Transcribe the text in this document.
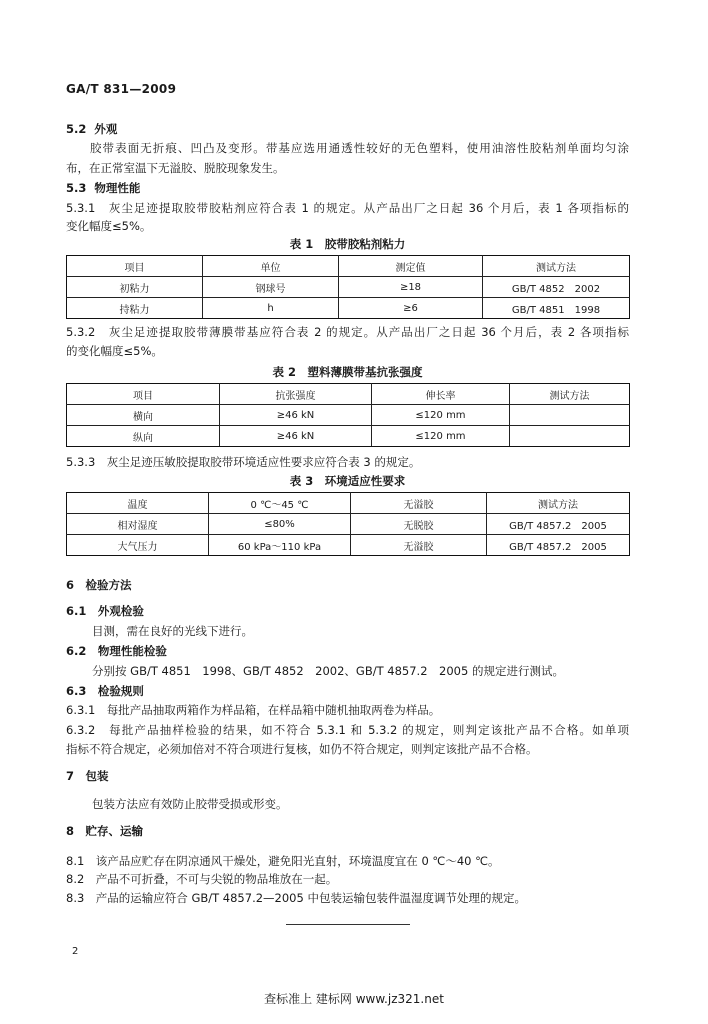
GA/T 831—2009
5.2 外观
胶带表面无折痕、凹凸及变形。带基应选用通透性较好的无色塑料，使用油溶性胶粘剂单面均匀涂
布，在正常室温下无溢胶、脱胶现象发生。
5.3 物理性能
5.3.1　灰尘足迹提取胶带胶粘剂应符合表 1 的规定。从产品出厂之日起 36 个月后，表 1 各项指标的
变化幅度≤5%。
表 1　胶带胶粘剂粘力
项目	单位	测定值	测试方法
初粘力	钢球号	≥18	GB/T 4852　2002
持粘力	h	≥6	GB/T 4851　1998
5.3.2　灰尘足迹提取胶带薄膜带基应符合表 2 的规定。从产品出厂之日起 36 个月后，表 2 各项指标
的变化幅度≤5%。
表 2　塑料薄膜带基抗张强度
项目	抗张强度	伸长率	测试方法
横向	≥46 kN	≤120 mm	
纵向	≥46 kN	≤120 mm	
5.3.3　灰尘足迹压敏胶提取胶带环境适应性要求应符合表 3 的规定。
表 3　环境适应性要求
温度	0 ℃～45 ℃	无溢胶	测试方法
相对湿度	≤80%	无脱胶	GB/T 4857.2　2005
大气压力	60 kPa～110 kPa	无溢胶	GB/T 4857.2　2005
6　检验方法
6.1　外观检验
目测，需在良好的光线下进行。
6.2　物理性能检验
分别按 GB/T 4851　1998、GB/T 4852　2002、GB/T 4857.2　2005 的规定进行测试。
6.3　检验规则
6.3.1　每批产品抽取两箱作为样品箱，在样品箱中随机抽取两卷为样品。
6.3.2　每批产品抽样检验的结果，如不符合 5.3.1 和 5.3.2 的规定，则判定该批产品不合格。如单项
指标不符合规定，必须加倍对不符合项进行复核，如仍不符合规定，则判定该批产品不合格。
7　包装
包装方法应有效防止胶带受损或形变。
8　贮存、运输
8.1　该产品应贮存在阴凉通风干燥处，避免阳光直射，环境温度宜在 0 ℃～40 ℃。
8.2　产品不可折叠，不可与尖锐的物品堆放在一起。
8.3　产品的运输应符合 GB/T 4857.2—2005 中包装运输包装件温湿度调节处理的规定。
2
查标准上 建标网 www.jz321.net
